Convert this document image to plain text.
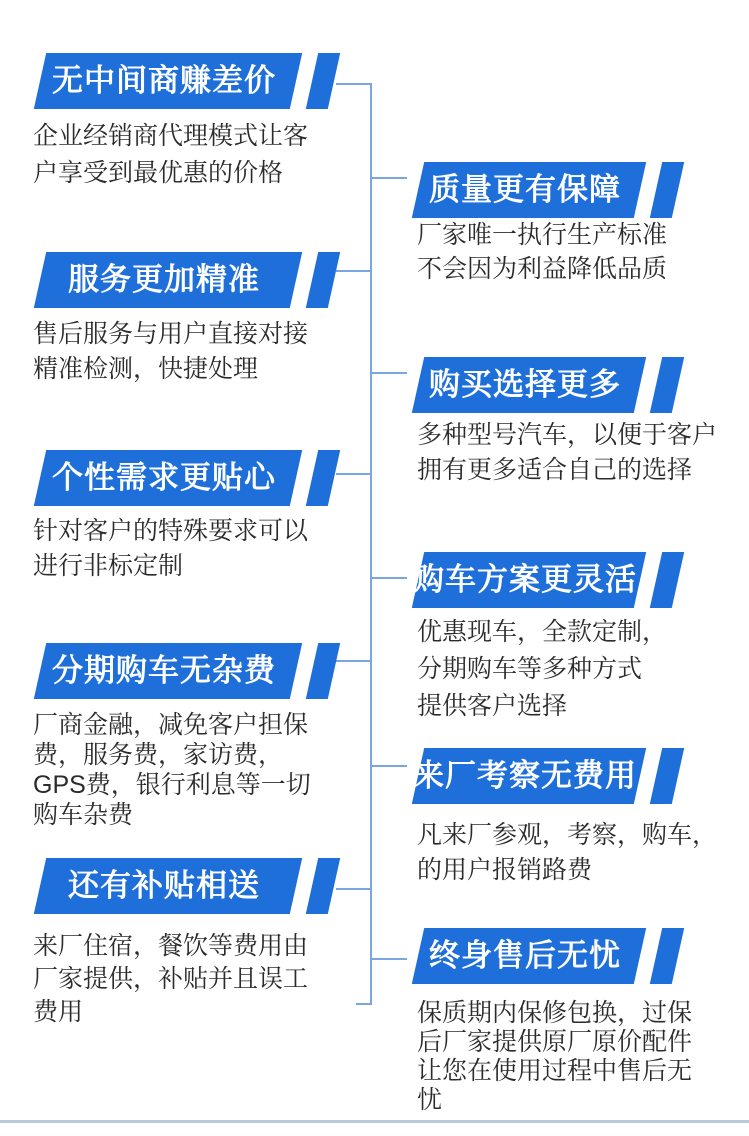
无中间商赚差价
企业经销商代理模式让客
户享受到最优惠的价格
服务更加精准
售后服务与用户直接对接
精准检测，快捷处理
个性需求更贴心
针对客户的特殊要求可以
进行非标定制
分期购车无杂费
厂商金融，减免客户担保
费，服务费，家访费，
GPS费，银行利息等一切
购车杂费
还有补贴相送
来厂住宿，餐饮等费用由
厂家提供，补贴并且误工
费用
质量更有保障
厂家唯一执行生产标准
不会因为利益降低品质
购买选择更多
多种型号汽车，以便于客户
拥有更多适合自己的选择
购车方案更灵活
优惠现车，全款定制，
分期购车等多种方式
提供客户选择
来厂考察无费用
凡来厂参观，考察，购车，
的用户报销路费
终身售后无忧
保质期内保修包换，过保
后厂家提供原厂原价配件
让您在使用过程中售后无
忧
